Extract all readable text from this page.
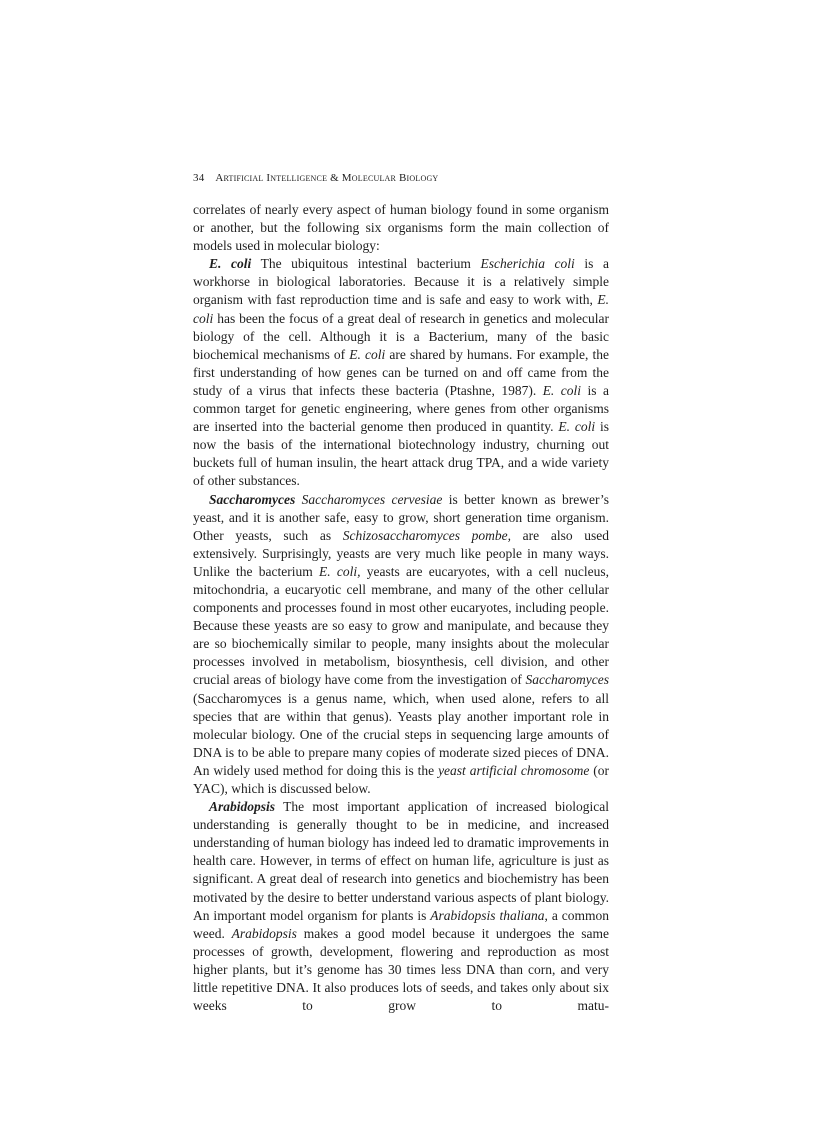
34 Artificial Intelligence & Molecular Biology

correlates of nearly every aspect of human biology found in some organism or another, but the following six organisms form the main collection of models used in molecular biology:

E. coli The ubiquitous intestinal bacterium Escherichia coli is a workhorse in biological laboratories. Because it is a relatively simple organism with fast reproduction time and is safe and easy to work with, E. coli has been the focus of a great deal of research in genetics and molecular biology of the cell. Although it is a Bacterium, many of the basic biochemical mechanisms of E. coli are shared by humans. For example, the first understanding of how genes can be turned on and off came from the study of a virus that infects these bacteria (Ptashne, 1987). E. coli is a common target for genetic engineering, where genes from other organisms are inserted into the bacterial genome then produced in quantity. E. coli is now the basis of the international biotechnology industry, churning out buckets full of human insulin, the heart attack drug TPA, and a wide variety of other substances.

Saccharomyces Saccharomyces cervesiae is better known as brewer’s yeast, and it is another safe, easy to grow, short generation time organism. Other yeasts, such as Schizosaccharomyces pombe, are also used extensively. Surprisingly, yeasts are very much like people in many ways. Unlike the bacterium E. coli, yeasts are eucaryotes, with a cell nucleus, mitochondria, a eucaryotic cell membrane, and many of the other cellular components and processes found in most other eucaryotes, including people. Because these yeasts are so easy to grow and manipulate, and because they are so biochemically similar to people, many insights about the molecular processes involved in metabolism, biosynthesis, cell division, and other crucial areas of biology have come from the investigation of Saccharomyces (Saccharomyces is a genus name, which, when used alone, refers to all species that are within that genus). Yeasts play another important role in molecular biology. One of the crucial steps in sequencing large amounts of DNA is to be able to prepare many copies of moderate sized pieces of DNA. An widely used method for doing this is the yeast artificial chromosome (or YAC), which is discussed below.

Arabidopsis The most important application of increased biological understanding is generally thought to be in medicine, and increased understanding of human biology has indeed led to dramatic improvements in health care. However, in terms of effect on human life, agriculture is just as significant. A great deal of research into genetics and biochemistry has been motivated by the desire to better understand various aspects of plant biology. An important model organism for plants is Arabidopsis thaliana, a common weed. Arabidopsis makes a good model because it undergoes the same processes of growth, development, flowering and reproduction as most higher plants, but it’s genome has 30 times less DNA than corn, and very little repetitive DNA. It also produces lots of seeds, and takes only about six weeks to grow to matu-
